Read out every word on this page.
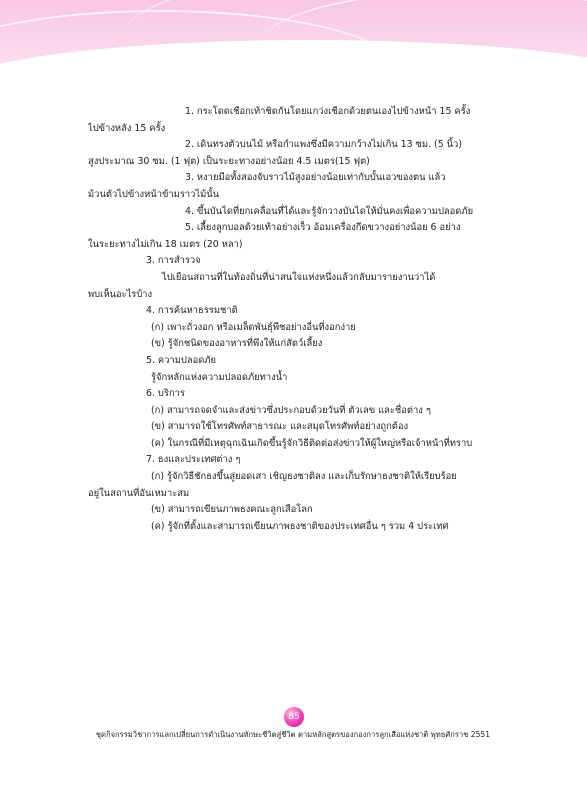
1. กระโดดเชือกเท้าชิดกันโดยแกว่งเชือกด้วยตนเองไปข้างหน้า 15 ครั้ง

ไปข้างหลัง 15 ครั้ง

2. เดินทรงตัวบนไม้ หรือกำแพงซึ่งมีความกว้างไม่เกิน 13 ซม. (5 นิ้ว)

สูงประมาณ 30 ซม. (1 ฟุต) เป็นระยะทางอย่างน้อย 4.5 เมตร(15 ฟุต)

3. หงายมือทั้งสองจับราวไม้สูงอย่างน้อยเท่ากับบั้นเอวของตน แล้ว

ม้วนตัวไปข้างหน้าข้ามราวไม้นั้น

4. ขึ้นบันไดที่ยกเคลื่อนที่ได้และรู้จักวางบันไดให้มั่นคงเพื่อความปลอดภัย

5. เลี้ยงลูกบอลด้วยเท้าอย่างเร็ว อ้อมเครื่องกีดขวางอย่างน้อย 6 อย่าง

ในระยะทางไม่เกิน 18 เมตร (20 หลา)

3. การสำรวจ

ไปเยือนสถานที่ในท้องถิ่นที่น่าสนใจแห่งหนึ่งแล้วกลับมารายงานว่าได้

พบเห็นอะไรบ้าง

4. การค้นหาธรรมชาติ

(ก) เพาะถั่วงอก หรือเมล็ดพันธุ์พืชอย่างอื่นที่งอกง่าย

(ข) รู้จักชนิดของอาหารที่พึงให้แก่สัตว์เลี้ยง

5. ความปลอดภัย

รู้จักหลักแห่งความปลอดภัยทางน้ำ

6. บริการ

(ก) สามารถจดจำและส่งข่าวซึ่งประกอบด้วยวันที่ ตัวเลข และชื่อต่าง ๆ

(ข) สามารถใช้โทรศัพท์สาธารณะ และสมุดโทรศัพท์อย่างถูกต้อง

(ค) ในกรณีที่มีเหตุฉุกเฉินเกิดขึ้นรู้จักวิธีติดต่อส่งข่าวให้ผู้ใหญ่หรือเจ้าหน้าที่ทราบ

7. ธงและประเทศต่าง ๆ

(ก) รู้จักวิธีชักธงขึ้นสู่ยอดเสา เชิญธงชาติลง และเก็บรักษาธงชาติให้เรียบร้อย

อยู่ในสถานที่อันเหมาะสม

(ข) สามารถเขียนภาพธงคณะลูกเสือโลก

(ค) รู้จักที่ตั้งและสามารถเขียนภาพธงชาติของประเทศอื่น ๆ รวม 4 ประเทศ

85
ชุดกิจกรรมวิชาการแลกเปลี่ยนการดำเนินงานทักษะชีวิตสู่ชีวิต ตามหลักสูตรของกองการลูกเสือแห่งชาติ พุทธศักราช 2551
